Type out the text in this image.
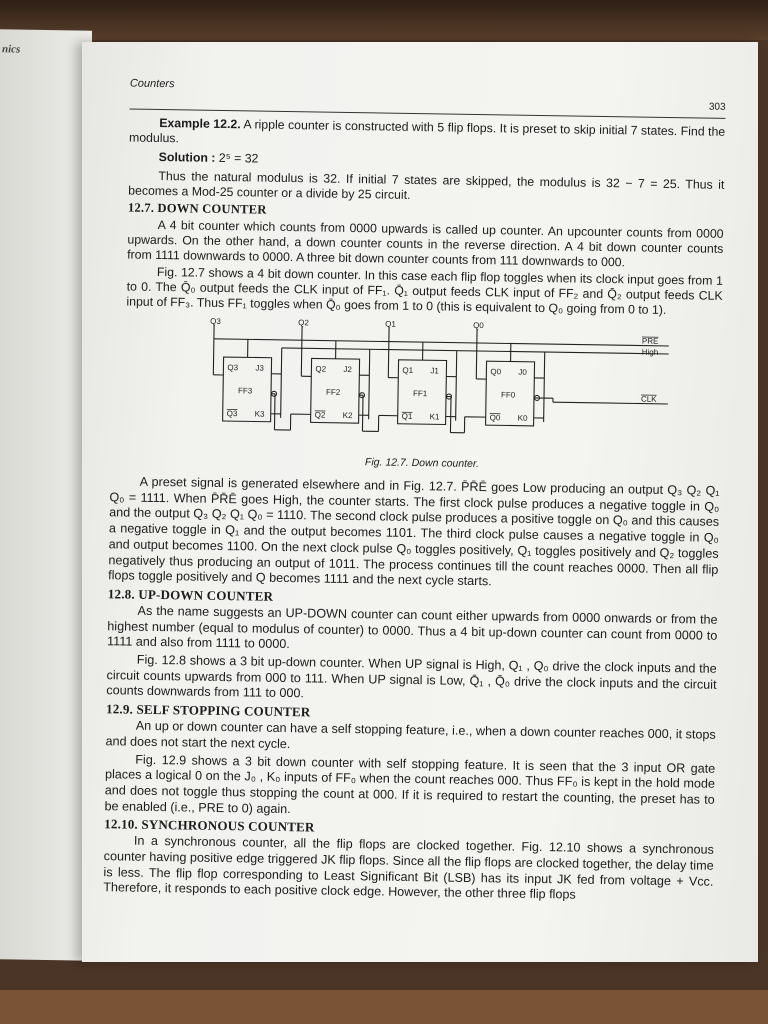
nics
Counters
303

Example 12.2. A ripple counter is constructed with 5 flip flops. It is preset to skip initial 7 states. Find the modulus.

Solution : 2⁵ = 32

Thus the natural modulus is 32. If initial 7 states are skipped, the modulus is 32 − 7 = 25. Thus it becomes a Mod-25 counter or a divide by 25 circuit.

12.7. DOWN COUNTER

A 4 bit counter which counts from 0000 upwards is called up counter. An upcounter counts from 0000 upwards. On the other hand, a down counter counts in the reverse direction. A 4 bit down counter counts from 1111 downwards to 0000. A three bit down counter counts from 111 downwards to 000.

Fig. 12.7 shows a 4 bit down counter. In this case each flip flop toggles when its clock input goes from 1 to 0. The Q̄₀ output feeds the CLK input of FF₁. Q̄₁ output feeds CLK input of FF₂ and Q̄₂ output feeds CLK input of FF₃. Thus FF₁ toggles when Q̄₀ goes from 1 to 0 (this is equivalent to Q₀ going from 0 to 1).

Q3	Q2	Q1	Q0
PRE
High
CLK
Q3 J3
FF3
Q3 K3
Q2 J2
FF2
Q2 K2
Q1 J1
FF1
Q1 K1
Q0 J0
FF0
Q0 K0
Fig. 12.7. Down counter.

A preset signal is generated elsewhere and in Fig. 12.7. P̄R̄Ē goes Low producing an output Q₃ Q₂ Q₁ Q₀ = 1111. When P̄R̄Ē goes High, the counter starts. The first clock pulse produces a negative toggle in Q₀ and the output Q₃ Q₂ Q₁ Q₀ = 1110. The second clock pulse produces a positive toggle on Q₀ and this causes a negative toggle in Q₁ and the output becomes 1101. The third clock pulse causes a negative toggle in Q₀ and output becomes 1100. On the next clock pulse Q₀ toggles positively, Q₁ toggles positively and Q₂ toggles negatively thus producing an output of 1011. The process continues till the count reaches 0000. Then all flip flops toggle positively and Q becomes 1111 and the next cycle starts.

12.8. UP-DOWN COUNTER

As the name suggests an UP-DOWN counter can count either upwards from 0000 onwards or from the highest number (equal to modulus of counter) to 0000. Thus a 4 bit up-down counter can count from 0000 to 1111 and also from 1111 to 0000.

Fig. 12.8 shows a 3 bit up-down counter. When UP signal is High, Q₁ , Q₀ drive the clock inputs and the circuit counts upwards from 000 to 111. When UP signal is Low, Q̄₁ , Q̄₀ drive the clock inputs and the circuit counts downwards from 111 to 000.

12.9. SELF STOPPING COUNTER

An up or down counter can have a self stopping feature, i.e., when a down counter reaches 000, it stops and does not start the next cycle.

Fig. 12.9 shows a 3 bit down counter with self stopping feature. It is seen that the 3 input OR gate places a logical 0 on the J₀ , K₀ inputs of FF₀ when the count reaches 000. Thus FF₀ is kept in the hold mode and does not toggle thus stopping the count at 000. If it is required to restart the counting, the preset has to be enabled (i.e., PRE to 0) again.

12.10. SYNCHRONOUS COUNTER

In a synchronous counter, all the flip flops are clocked together. Fig. 12.10 shows a synchronous counter having positive edge triggered JK flip flops. Since all the flip flops are clocked together, the delay time is less. The flip flop corresponding to Least Significant Bit (LSB) has its input JK fed from voltage + Vcc. Therefore, it responds to each positive clock edge. However, the other three flip flops
